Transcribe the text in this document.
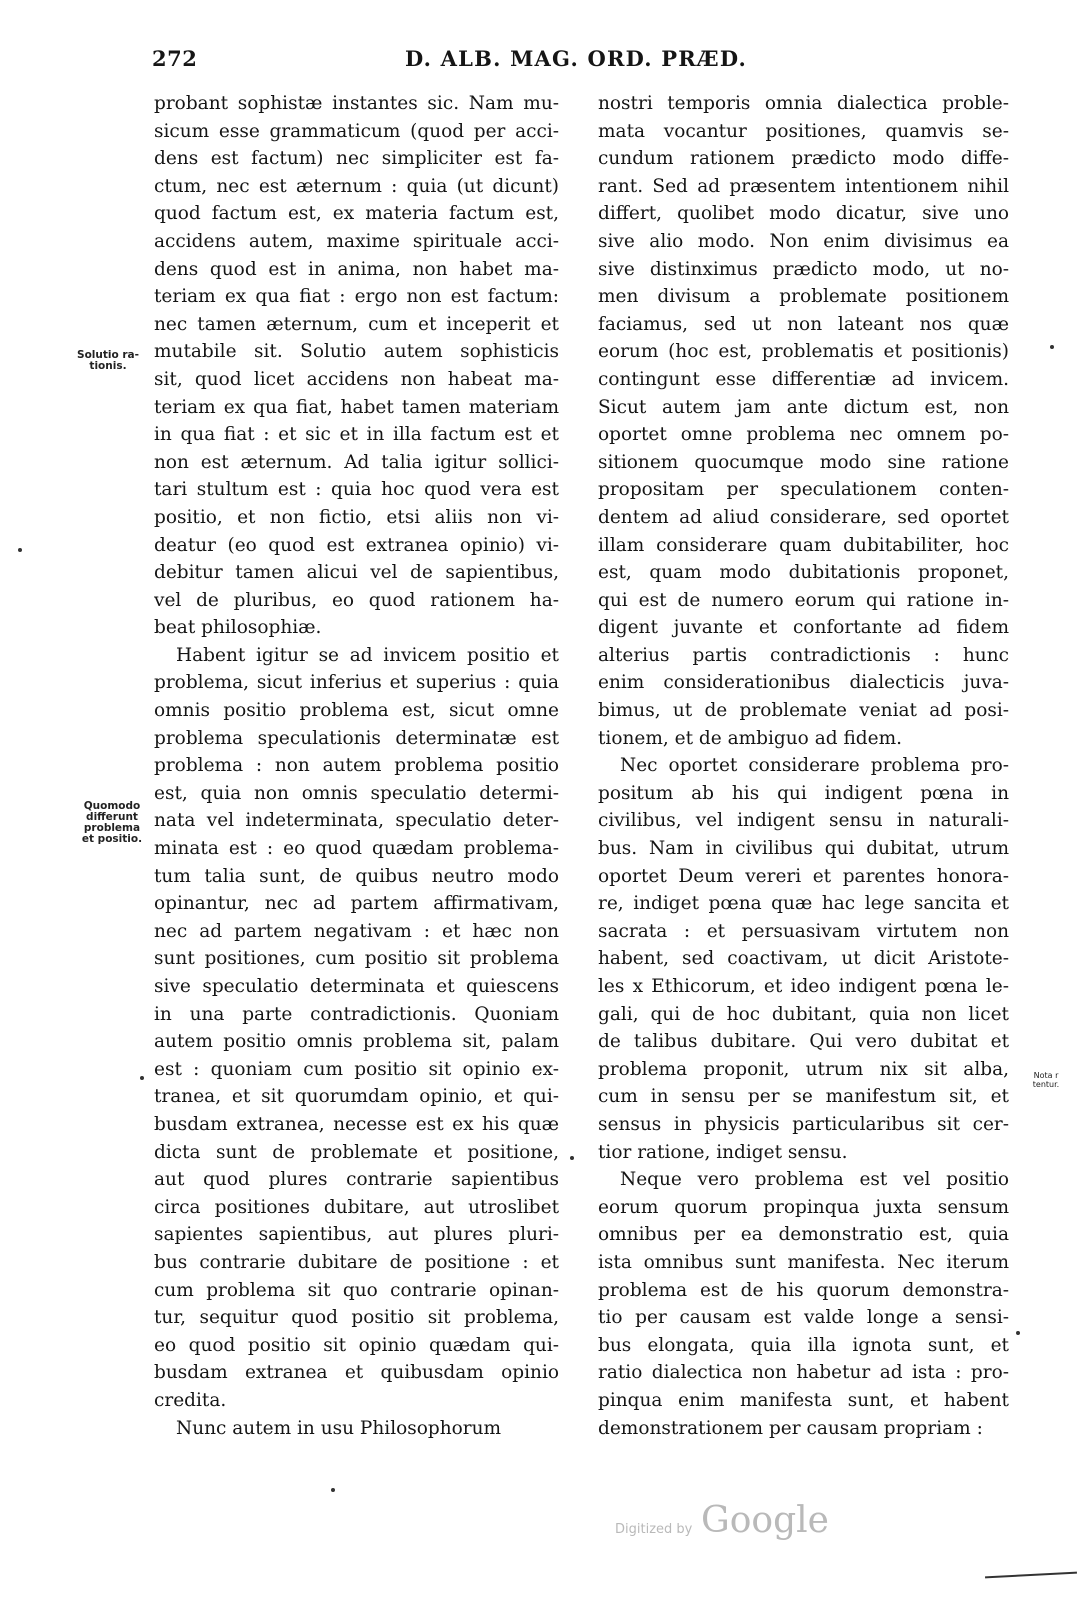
272	D. ALB. MAG. ORD. PRÆD.
Solutio ra-
tionis.
Quomodo
differunt
problema
et positio.
Nota r
tentur.
probant sophistæ instantes sic. Nam mu-
sicum esse grammaticum (quod per acci-
dens est factum) nec simpliciter est fa-
ctum, nec est æternum : quia (ut dicunt)
quod factum est, ex materia factum est,
accidens autem, maxime spirituale acci-
dens quod est in anima, non habet ma-
teriam ex qua fiat : ergo non est factum:
nec tamen æternum, cum et inceperit et
mutabile sit. Solutio autem sophisticis
sit, quod licet accidens non habeat ma-
teriam ex qua fiat, habet tamen materiam
in qua fiat : et sic et in illa factum est et
non est æternum. Ad talia igitur sollici-
tari stultum est : quia hoc quod vera est
positio, et non fictio, etsi aliis non vi-
deatur (eo quod est extranea opinio) vi-
debitur tamen alicui vel de sapientibus,
vel de pluribus, eo quod rationem ha-
beat philosophiæ.
Habent igitur se ad invicem positio et
problema, sicut inferius et superius : quia
omnis positio problema est, sicut omne
problema speculationis determinatæ est
problema : non autem problema positio
est, quia non omnis speculatio determi-
nata vel indeterminata, speculatio deter-
minata est : eo quod quædam problema-
tum talia sunt, de quibus neutro modo
opinantur, nec ad partem affirmativam,
nec ad partem negativam : et hæc non
sunt positiones, cum positio sit problema
sive speculatio determinata et quiescens
in una parte contradictionis. Quoniam
autem positio omnis problema sit, palam
est : quoniam cum positio sit opinio ex-
tranea, et sit quorumdam opinio, et qui-
busdam extranea, necesse est ex his quæ
dicta sunt de problemate et positione,
aut quod plures contrarie sapientibus
circa positiones dubitare, aut utroslibet
sapientes sapientibus, aut plures pluri-
bus contrarie dubitare de positione : et
cum problema sit quo contrarie opinan-
tur, sequitur quod positio sit problema,
eo quod positio sit opinio quædam qui-
busdam extranea et quibusdam opinio
credita.
Nunc autem in usu Philosophorum
nostri temporis omnia dialectica proble-
mata vocantur positiones, quamvis se-
cundum rationem prædicto modo diffe-
rant. Sed ad præsentem intentionem nihil
differt, quolibet modo dicatur, sive uno
sive alio modo. Non enim divisimus ea
sive distinximus prædicto modo, ut no-
men divisum a problemate positionem
faciamus, sed ut non lateant nos quæ
eorum (hoc est, problematis et positionis)
contingunt esse differentiæ ad invicem.
Sicut autem jam ante dictum est, non
oportet omne problema nec omnem po-
sitionem quocumque modo sine ratione
propositam per speculationem conten-
dentem ad aliud considerare, sed oportet
illam considerare quam dubitabiliter, hoc
est, quam modo dubitationis proponet,
qui est de numero eorum qui ratione in-
digent juvante et confortante ad fidem
alterius partis contradictionis : hunc
enim considerationibus dialecticis juva-
bimus, ut de problemate veniat ad posi-
tionem, et de ambiguo ad fidem.
Nec oportet considerare problema pro-
positum ab his qui indigent pœna in
civilibus, vel indigent sensu in naturali-
bus. Nam in civilibus qui dubitat, utrum
oportet Deum vereri et parentes honora-
re, indiget pœna quæ hac lege sancita et
sacrata : et persuasivam virtutem non
habent, sed coactivam, ut dicit Aristote-
les x Ethicorum, et ideo indigent pœna le-
gali, qui de hoc dubitant, quia non licet
de talibus dubitare. Qui vero dubitat et
problema proponit, utrum nix sit alba,
cum in sensu per se manifestum sit, et
sensus in physicis particularibus sit cer-
tior ratione, indiget sensu.
Neque vero problema est vel positio
eorum quorum propinqua juxta sensum
omnibus per ea demonstratio est, quia
ista omnibus sunt manifesta. Nec iterum
problema est de his quorum demonstra-
tio per causam est valde longe a sensi-
bus elongata, quia illa ignota sunt, et
ratio dialectica non habetur ad ista : pro-
pinqua enim manifesta sunt, et habent
demonstrationem per causam propriam :
Digitized by Google
